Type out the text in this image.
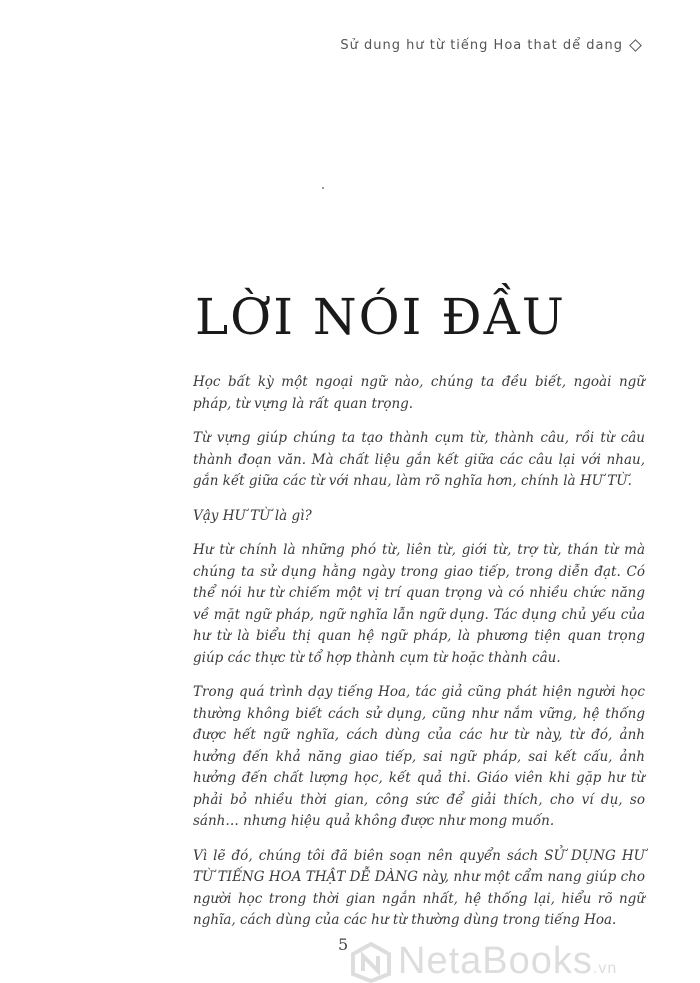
Sử dung hư từ tiếng Hoa that dể dang
LỜI NÓI ĐẦU

Học bất kỳ một ngoại ngữ nào, chúng ta đều biết, ngoài ngữ pháp, từ vựng là rất quan trọng.

Từ vựng giúp chúng ta tạo thành cụm từ, thành câu, rồi từ câu thành đoạn văn. Mà chất liệu gắn kết giữa các câu lại với nhau, gắn kết giữa các từ với nhau, làm rõ nghĩa hơn, chính là HƯ TỪ.

Vậy HƯ TỪ là gì?

Hư từ chính là những phó từ, liên từ, giới từ, trợ từ, thán từ mà chúng ta sử dụng hằng ngày trong giao tiếp, trong diễn đạt. Có thể nói hư từ chiếm một vị trí quan trọng và có nhiều chức năng về mặt ngữ pháp, ngữ nghĩa lẫn ngữ dụng. Tác dụng chủ yếu của hư từ là biểu thị quan hệ ngữ pháp, là phương tiện quan trọng giúp các thực từ tổ hợp thành cụm từ hoặc thành câu.

Trong quá trình dạy tiếng Hoa, tác giả cũng phát hiện người học thường không biết cách sử dụng, cũng như nắm vững, hệ thống được hết ngữ nghĩa, cách dùng của các hư từ này, từ đó, ảnh hưởng đến khả năng giao tiếp, sai ngữ pháp, sai kết cấu, ảnh hưởng đến chất lượng học, kết quả thi. Giáo viên khi gặp hư từ phải bỏ nhiều thời gian, công sức để giải thích, cho ví dụ, so sánh… nhưng hiệu quả không được như mong muốn.

Vì lẽ đó, chúng tôi đã biên soạn nên quyển sách SỬ DỤNG HƯ TỪ TIẾNG HOA THẬT DỄ DÀNG này, như một cẩm nang giúp cho người học trong thời gian ngắn nhất, hệ thống lại, hiểu rõ ngữ nghĩa, cách dùng của các hư từ thường dùng trong tiếng Hoa.

5 NetaBooks.vn
